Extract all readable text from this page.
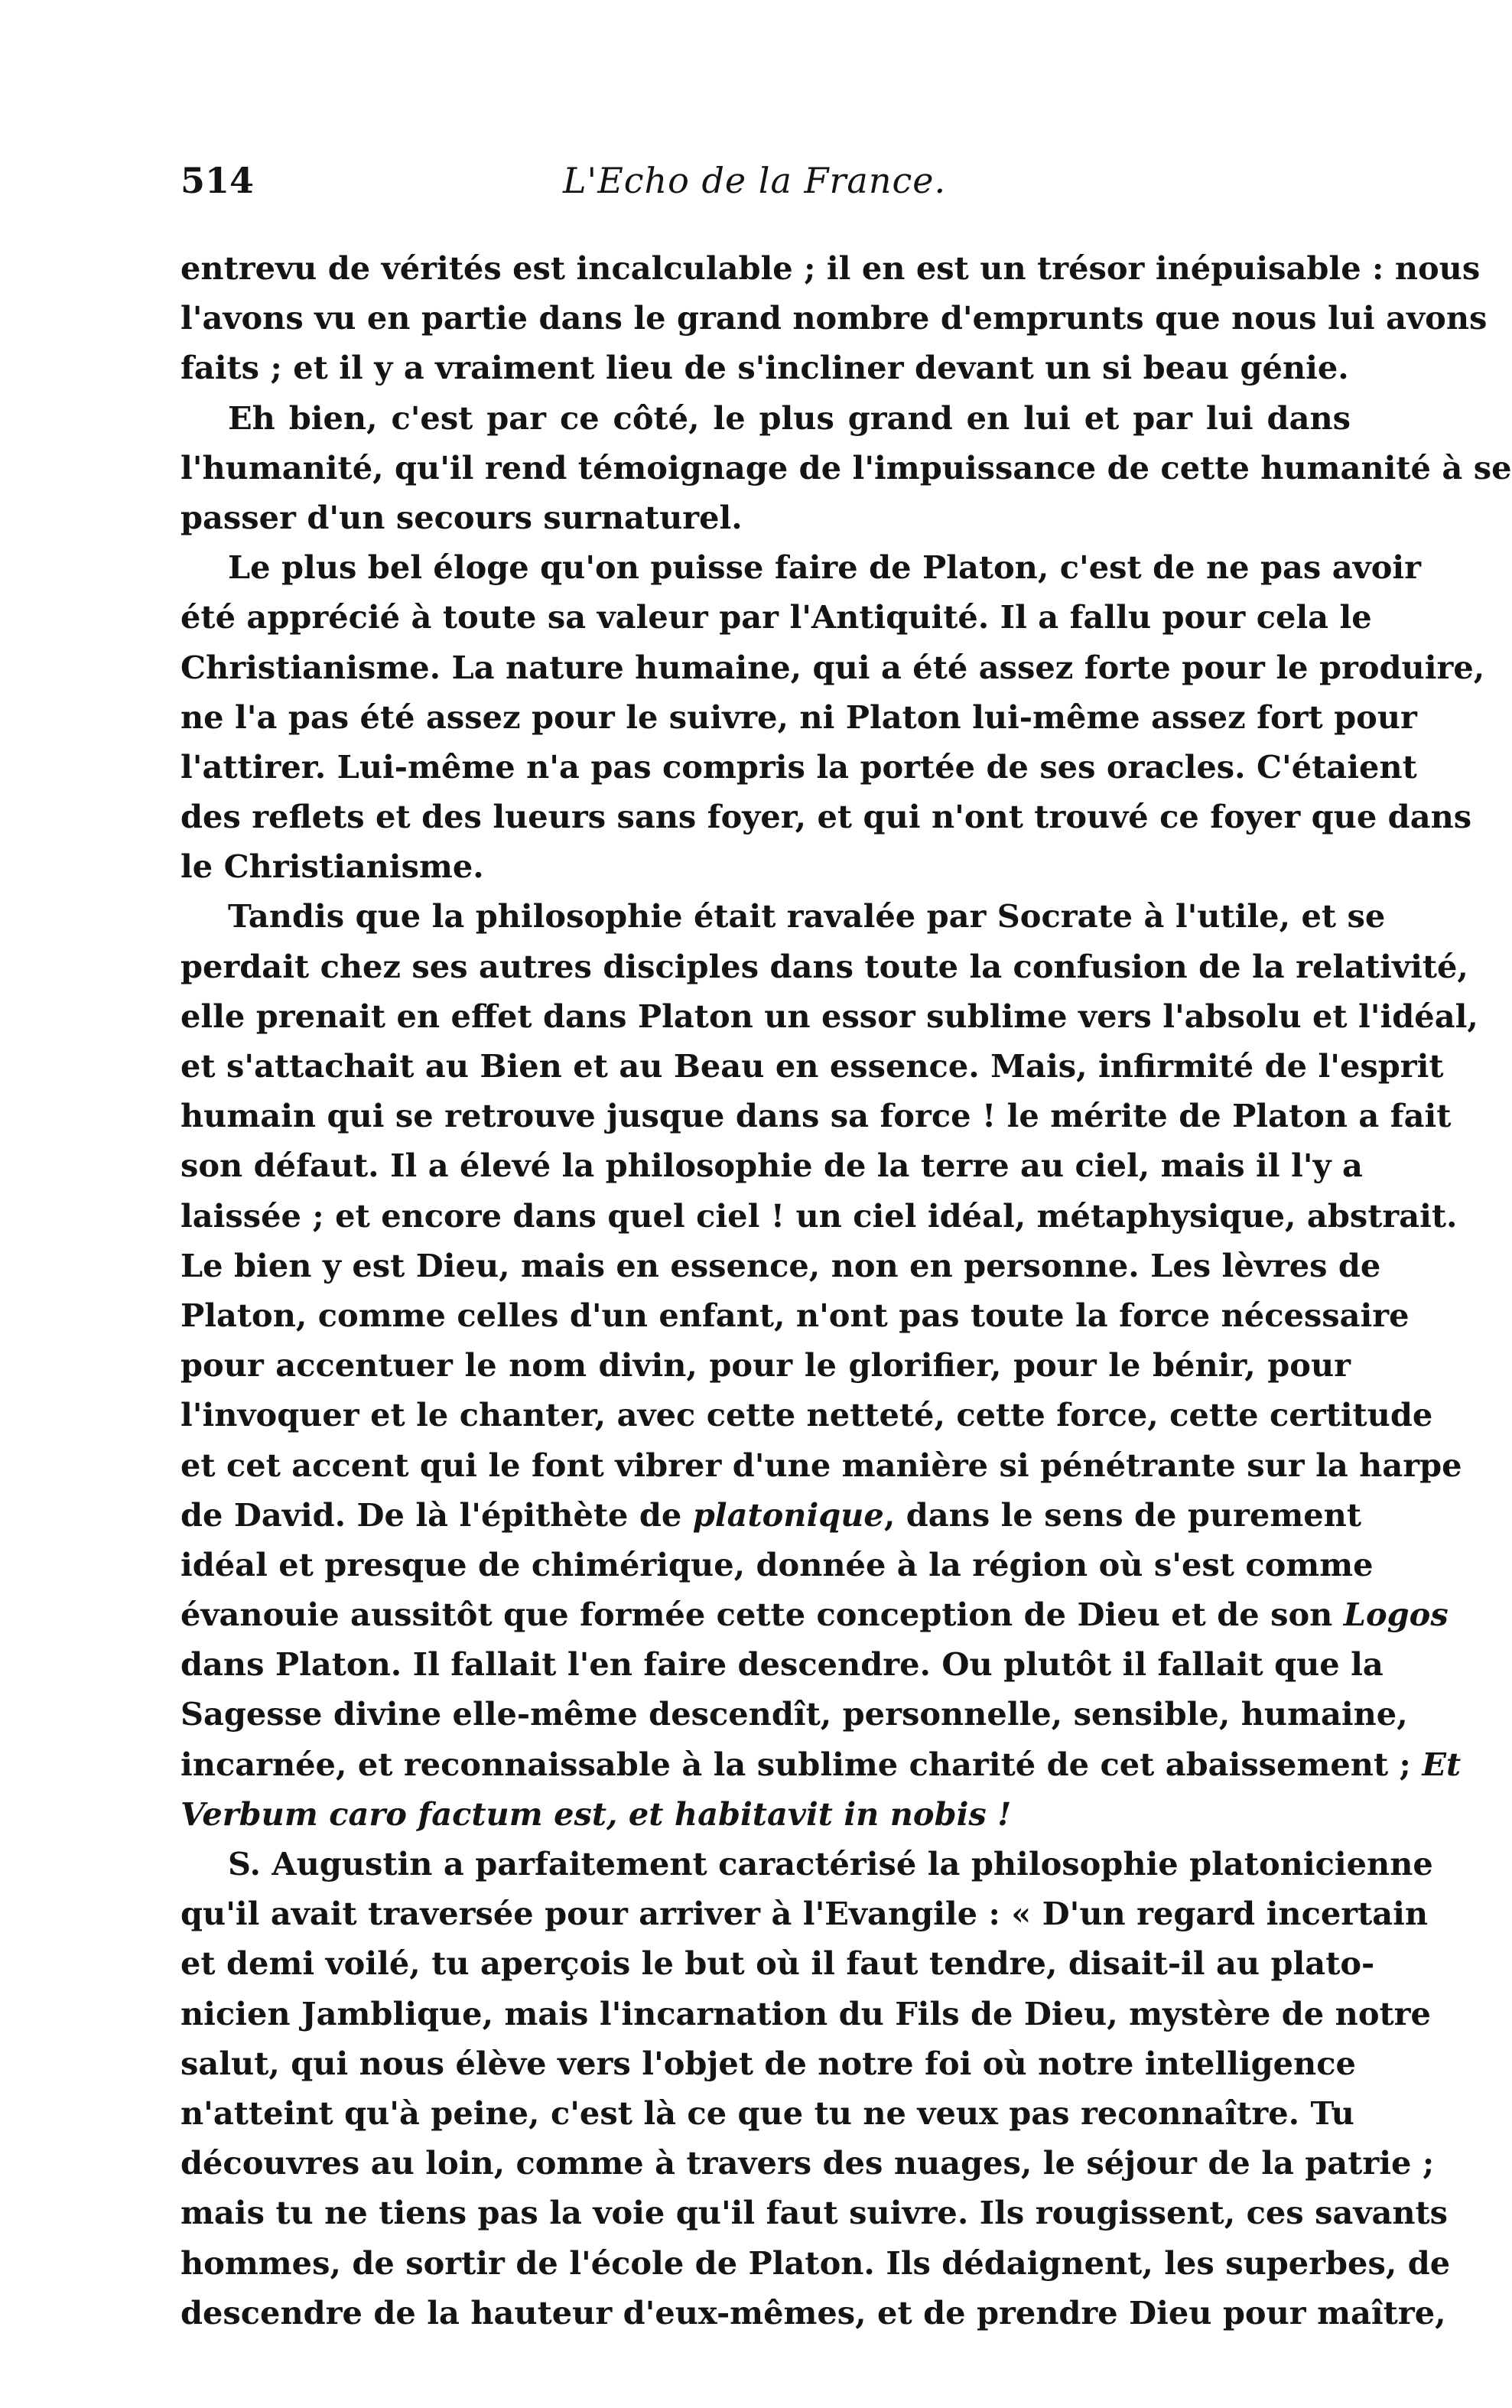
514	L'Echo de la France.
entrevu de vérités est incalculable ; il en est un trésor inépuisable : nous
l'avons vu en partie dans le grand nombre d'emprunts que nous lui avons
faits ; et il y a vraiment lieu de s'incliner devant un si beau génie.
Eh bien, c'est par ce côté, le plus grand en lui et par lui dans
l'humanité, qu'il rend témoignage de l'impuissance de cette humanité à se
passer d'un secours surnaturel.
Le plus bel éloge qu'on puisse faire de Platon, c'est de ne pas avoir
été apprécié à toute sa valeur par l'Antiquité. Il a fallu pour cela le
Christianisme. La nature humaine, qui a été assez forte pour le produire,
ne l'a pas été assez pour le suivre, ni Platon lui-même assez fort pour
l'attirer. Lui-même n'a pas compris la portée de ses oracles. C'étaient
des reflets et des lueurs sans foyer, et qui n'ont trouvé ce foyer que dans
le Christianisme.
Tandis que la philosophie était ravalée par Socrate à l'utile, et se
perdait chez ses autres disciples dans toute la confusion de la relativité,
elle prenait en effet dans Platon un essor sublime vers l'absolu et l'idéal,
et s'attachait au Bien et au Beau en essence. Mais, infirmité de l'esprit
humain qui se retrouve jusque dans sa force ! le mérite de Platon a fait
son défaut. Il a élevé la philosophie de la terre au ciel, mais il l'y a
laissée ; et encore dans quel ciel ! un ciel idéal, métaphysique, abstrait.
Le bien y est Dieu, mais en essence, non en personne. Les lèvres de
Platon, comme celles d'un enfant, n'ont pas toute la force nécessaire
pour accentuer le nom divin, pour le glorifier, pour le bénir, pour
l'invoquer et le chanter, avec cette netteté, cette force, cette certitude
et cet accent qui le font vibrer d'une manière si pénétrante sur la harpe
de David. De là l'épithète de platonique, dans le sens de purement
idéal et presque de chimérique, donnée à la région où s'est comme
évanouie aussitôt que formée cette conception de Dieu et de son Logos
dans Platon. Il fallait l'en faire descendre. Ou plutôt il fallait que la
Sagesse divine elle-même descendît, personnelle, sensible, humaine,
incarnée, et reconnaissable à la sublime charité de cet abaissement ; Et
Verbum caro factum est, et habitavit in nobis !
S. Augustin a parfaitement caractérisé la philosophie platonicienne
qu'il avait traversée pour arriver à l'Evangile : « D'un regard incertain
et demi voilé, tu aperçois le but où il faut tendre, disait-il au plato-
nicien Jamblique, mais l'incarnation du Fils de Dieu, mystère de notre
salut, qui nous élève vers l'objet de notre foi où notre intelligence
n'atteint qu'à peine, c'est là ce que tu ne veux pas reconnaître. Tu
découvres au loin, comme à travers des nuages, le séjour de la patrie ;
mais tu ne tiens pas la voie qu'il faut suivre. Ils rougissent, ces savants
hommes, de sortir de l'école de Platon. Ils dédaignent, les superbes, de
descendre de la hauteur d'eux-mêmes, et de prendre Dieu pour maître,
